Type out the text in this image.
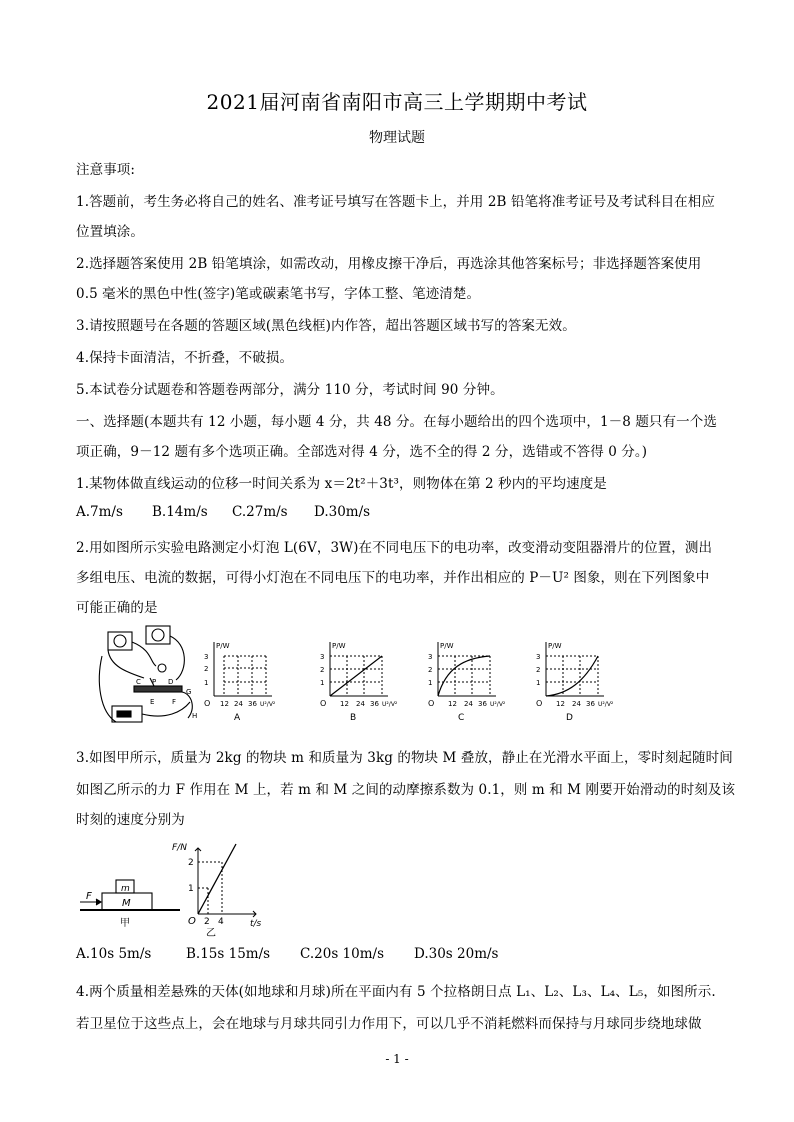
2021届河南省南阳市高三上学期期中考试
物理试题
注意事项:
1.答题前，考生务必将自己的姓名、准考证号填写在答题卡上，并用 2B 铅笔将准考证号及考试科目在相应
位置填涂。
2.选择题答案使用 2B 铅笔填涂，如需改动，用橡皮擦干净后，再选涂其他答案标号；非选择题答案使用
0.5 毫米的黑色中性(签字)笔或碳素笔书写，字体工整、笔迹清楚。
3.请按照题号在各题的答题区域(黑色线框)内作答，超出答题区域书写的答案无效。
4.保持卡面清洁，不折叠，不破损。
5.本试卷分试题卷和答题卷两部分，满分 110 分，考试时间 90 分钟。
一、选择题(本题共有 12 小题，每小题 4 分，共 48 分。在每小题给出的四个选项中，1－8 题只有一个选
项正确，9－12 题有多个选项正确。全部选对得 4 分，选不全的得 2 分，选错或不答得 0 分。)
1.某物体做直线运动的位移一时间关系为 x＝2t²＋3t³，则物体在第 2 秒内的平均速度是
A.7m/s B.14m/s C.27m/s D.30m/s
2.用如图所示实验电路测定小灯泡 L(6V，3W)在不同电压下的电功率，改变滑动变阻器滑片的位置，测出
多组电压、电流的数据，可得小灯泡在不同电压下的电功率，并作出相应的 P－U² 图象，则在下列图象中
可能正确的是
C P D
E	F
G
H
P/W
1
2
3
O 12 24 36 U²/V²
A
P/W
1
2
3
O 12 24 36 U²/V²
B
P/W
1
2
3
O 12 24 36 U²/V²
C
P/W
1
2
3
O 12 24 36 U²/V²
D
3.如图甲所示，质量为 2kg 的物块 m 和质量为 3kg 的物块 M 叠放，静止在光滑水平面上，零时刻起随时间
如图乙所示的力 F 作用在 M 上，若 m 和 M 之间的动摩擦系数为 0.1，则 m 和 M 刚要开始滑动的时刻及该
时刻的速度分别为
F
m
M
甲
F/N
1
2
O 2 4	t/s
乙
A.10s 5m/s	B.15s 15m/s C.20s 10m/s D.30s 20m/s
4.两个质量相差悬殊的天体(如地球和月球)所在平面内有 5 个拉格朗日点 L₁、L₂、L₃、L₄、L₅，如图所示.
若卫星位于这些点上，会在地球与月球共同引力作用下，可以几乎不消耗燃料而保持与月球同步绕地球做
- 1 -
